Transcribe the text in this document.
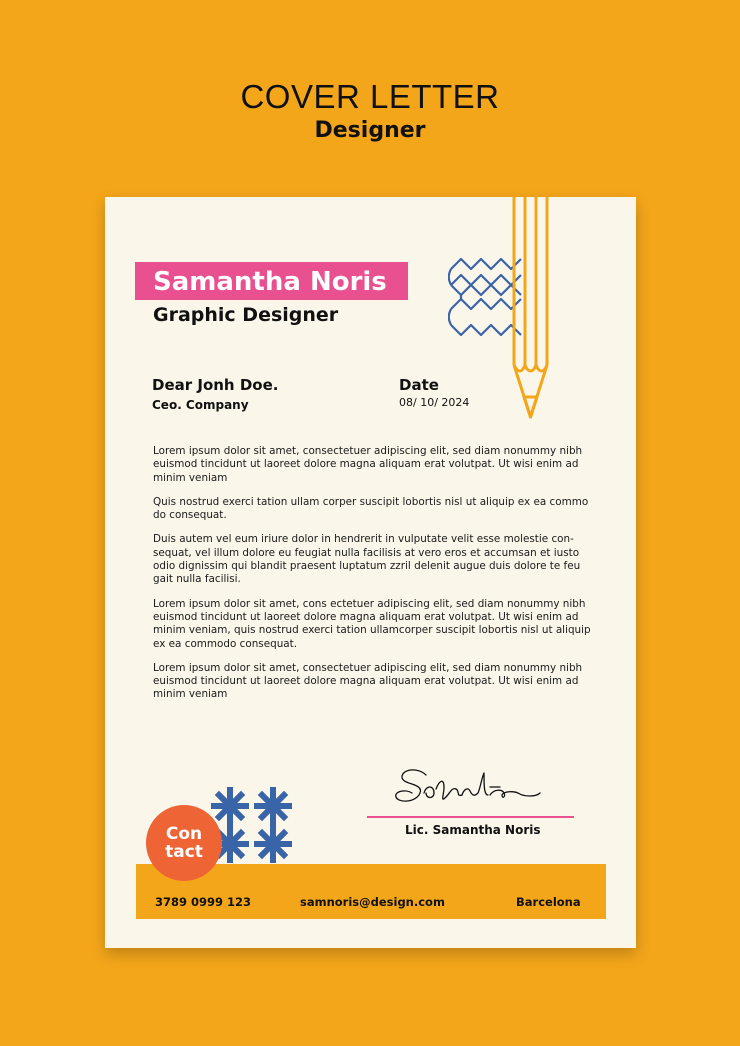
COVER LETTER
Designer
Samantha Noris
Graphic Designer
Dear Jonh Doe.
Ceo. Company
Date
08/ 10/ 2024

Lorem ipsum dolor sit amet, consectetuer adipiscing elit, sed diam nonummy nibh euismod tincidunt ut laoreet dolore magna aliquam erat volutpat. Ut wisi enim ad minim veniam

Quis nostrud exerci tation ullam corper suscipit lobortis nisl ut aliquip ex ea commo do consequat.

Duis autem vel eum iriure dolor in hendrerit in vulputate velit esse molestie con- sequat, vel illum dolore eu feugiat nulla facilisis at vero eros et accumsan et iusto odio dignissim qui blandit praesent luptatum zzril delenit augue duis dolore te feu gait nulla facilisi.

Lorem ipsum dolor sit amet, cons ectetuer adipiscing elit, sed diam nonummy nibh euismod tincidunt ut laoreet dolore magna aliquam erat volutpat. Ut wisi enim ad minim veniam, quis nostrud exerci tation ullamcorper suscipit lobortis nisl ut aliquip ex ea commodo consequat.

Lorem ipsum dolor sit amet, consectetuer adipiscing elit, sed diam nonummy nibh euismod tincidunt ut laoreet dolore magna aliquam erat volutpat. Ut wisi enim ad minim veniam

Lic. Samantha Noris
3789 0999 123	samnoris@design.com	Barcelona
Con
tact
